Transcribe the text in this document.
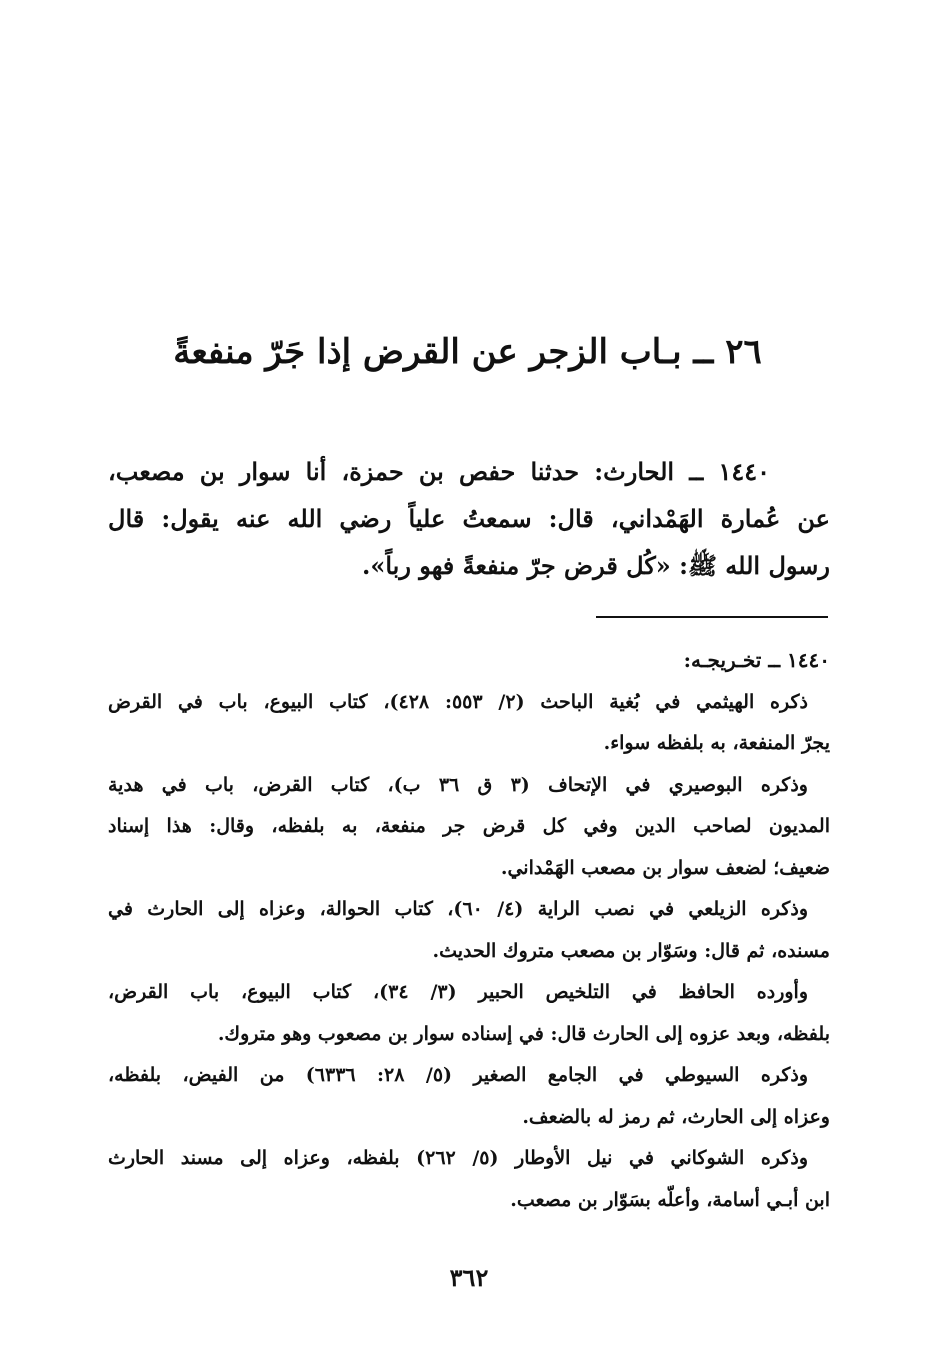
٢٦ ــ بـاب الزجر عن القرض إذا جَرّ منفعةً
١٤٤٠ ــ الحارث: حدثنا حفص بن حمزة، أنا سوار بن مصعب،
عن عُمارة الهَمْداني، قال: سمعتُ علياً رضي الله عنه يقول: قال
رسول الله ﷺ: «كُل قرض جرّ منفعةً فهو رباً».
١٤٤٠ ــ تخـريجـه:
ذكره الهيثمي في بُغية الباحث (٢/ ٥٥٣: ٤٢٨)، كتاب البيوع، باب في القرض
يجرّ المنفعة، به بلفظه سواء.
وذكره البوصيري في الإتحاف (٣ ق ٣٦ ب)، كتاب القرض، باب في هدية
المديون لصاحب الدين وفي كل قرض جر منفعة، به بلفظه، وقال: هذا إسناد
ضعيف؛ لضعف سوار بن مصعب الهَمْداني.
وذكره الزيلعي في نصب الراية (٤/ ٦٠)، كتاب الحوالة، وعزاه إلى الحارث في
مسنده، ثم قال: وسَوّار بن مصعب متروك الحديث.
وأورده الحافظ في التلخيص الحبير (٣/ ٣٤)، كتاب البيوع، باب القرض،
بلفظه، وبعد عزوه إلى الحارث قال: في إسناده سوار بن مصعوب وهو متروك.
وذكره السيوطي في الجامع الصغير (٥/ ٢٨: ٦٣٣٦) من الفيض، بلفظه،
وعزاه إلى الحارث، ثم رمز له بالضعف.
وذكره الشوكاني في نيل الأوطار (٥/ ٢٦٢) بلفظه، وعزاه إلى مسند الحارث
ابن أبـي أسامة، وأعلّه بسَوّار بن مصعب.
٣٦٢
